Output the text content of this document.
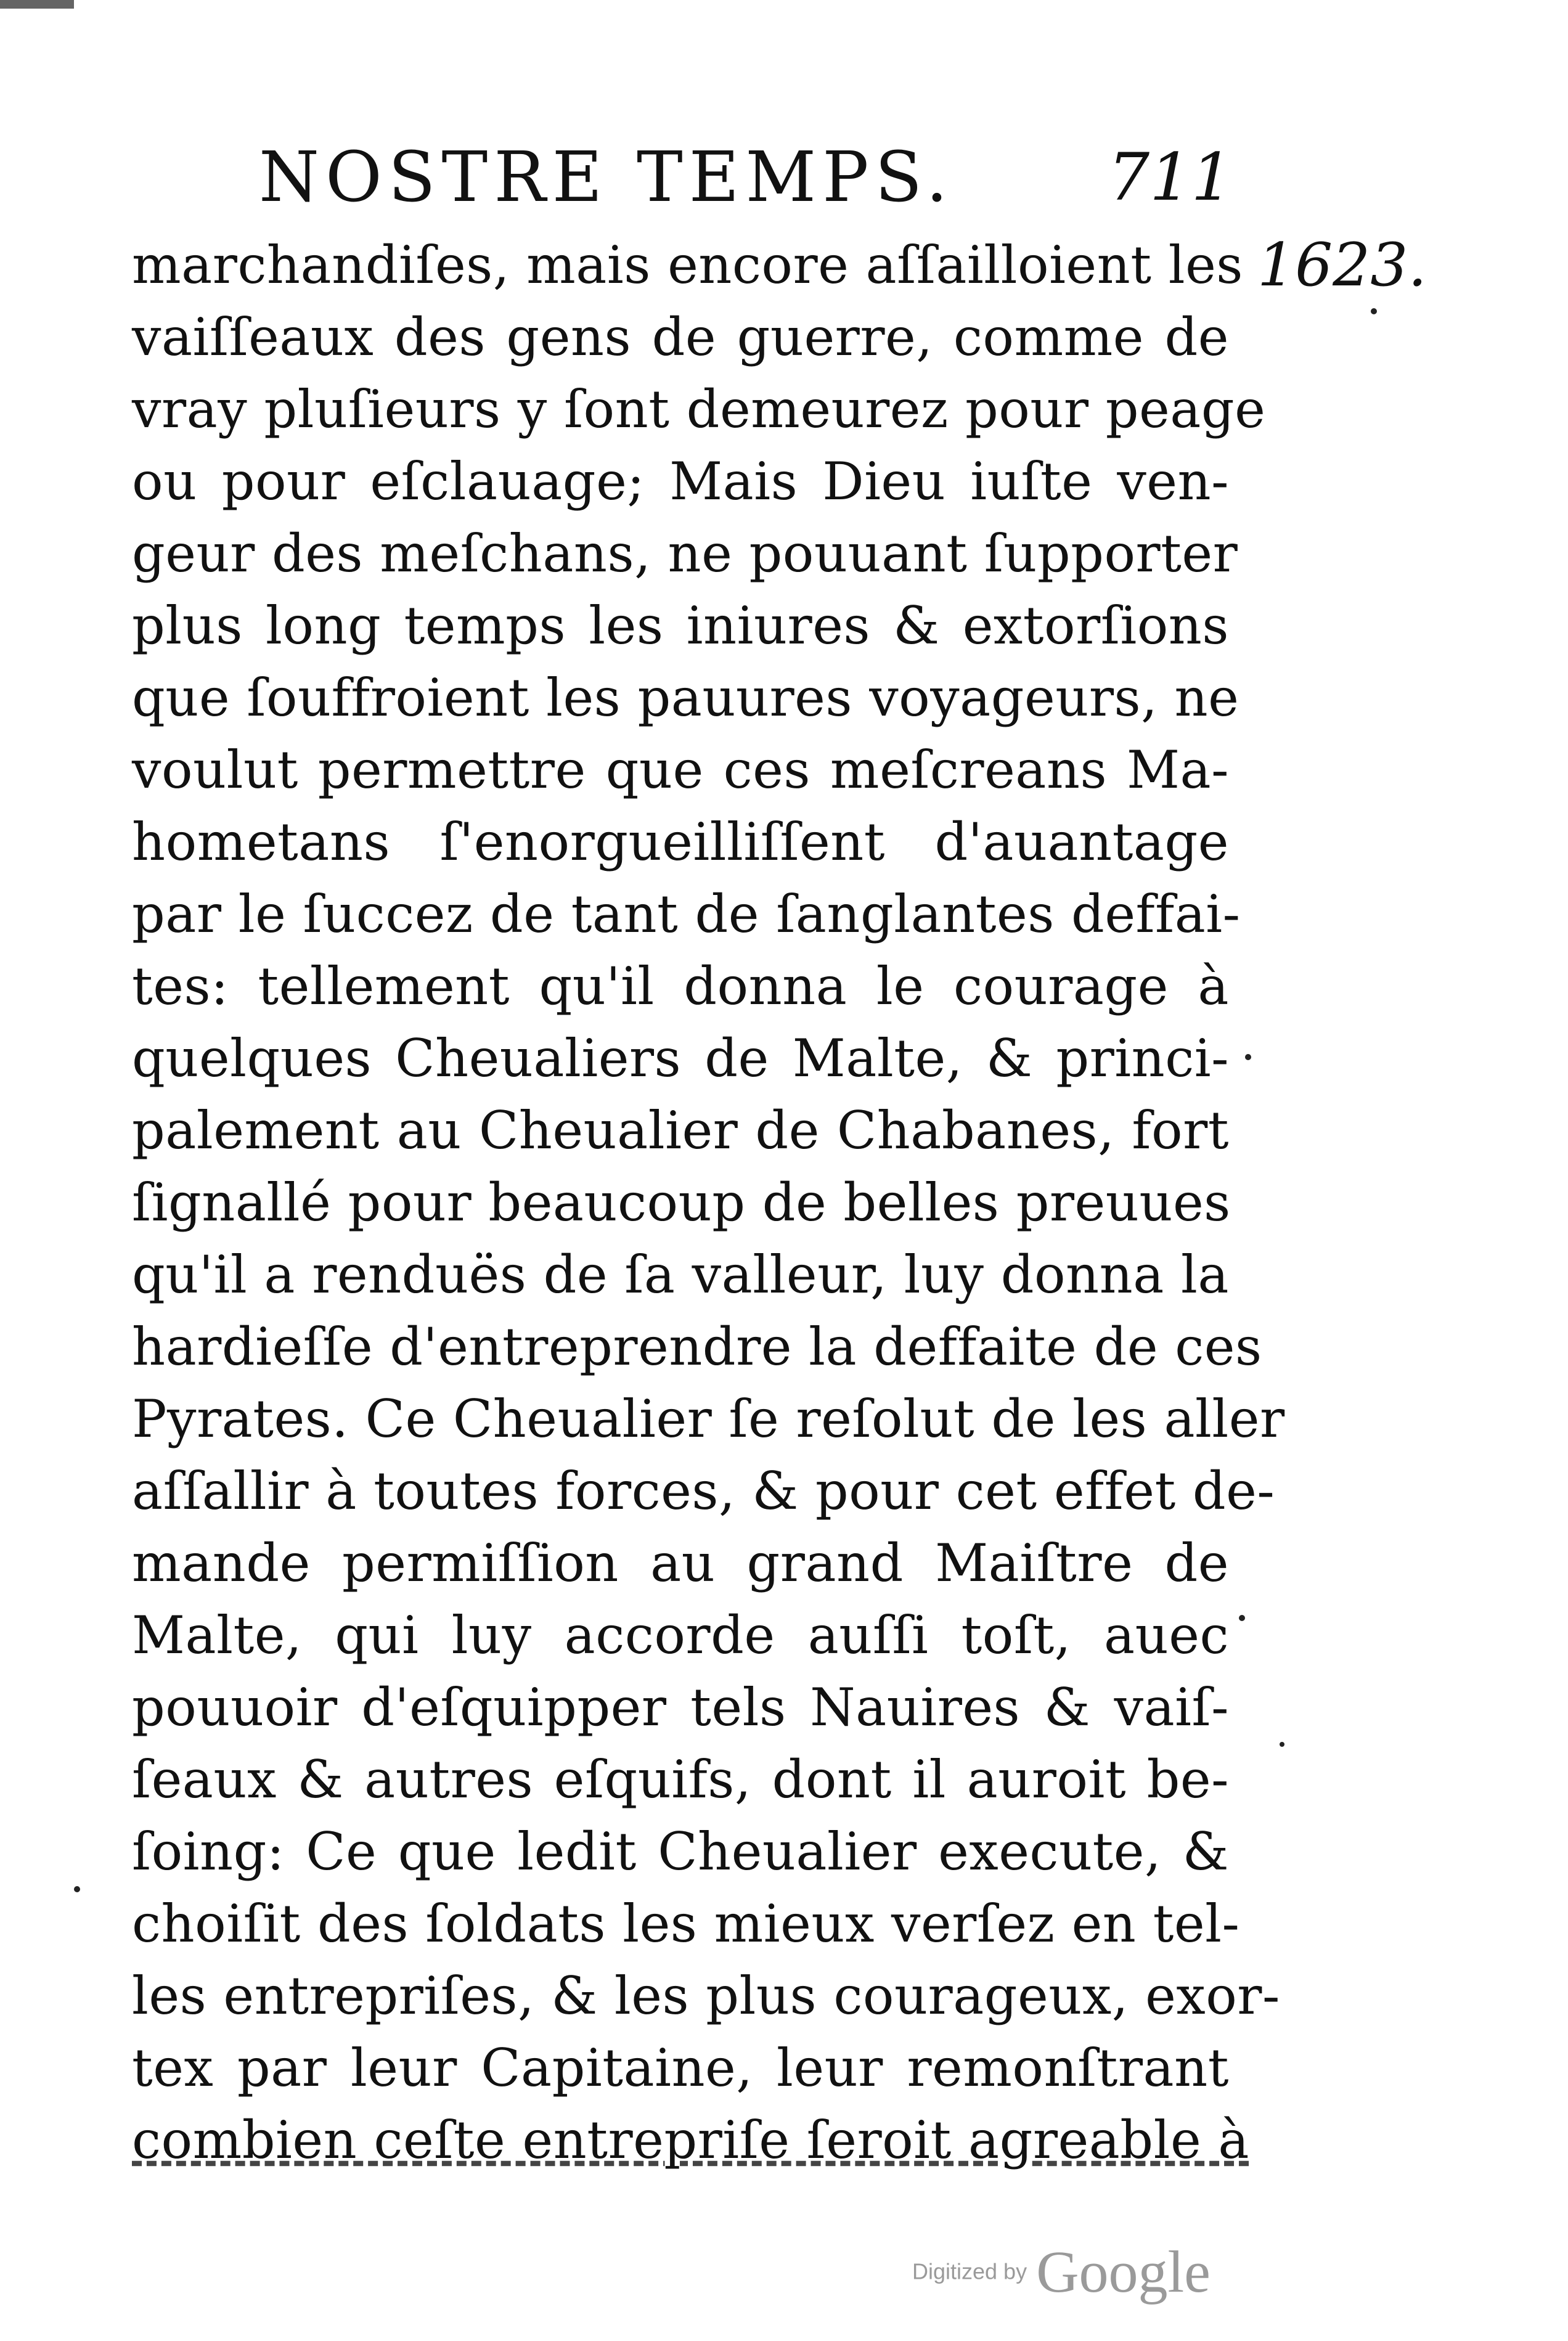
NOSTRE TEMPS. 711
1623.
marchandiſes, mais encore aſſailloient les
vaiſſeaux des gens de guerre, comme de
vray pluſieurs y ſont demeurez pour peage
ou pour eſclauage; Mais Dieu iuſte ven-
geur des meſchans, ne pouuant ſupporter
plus long temps les iniures & extorſions
que ſouffroient les pauures voyageurs, ne
voulut permettre que ces meſcreans Ma-
hometans ſ'enorgueilliſſent d'auantage
par le ſuccez de tant de ſanglantes deffai-
tes: tellement qu'il donna le courage à
quelques Cheualiers de Malte, & princi-
palement au Cheualier de Chabanes, fort
ſignallé pour beaucoup de belles preuues
qu'il a renduës de ſa valleur, luy donna la
hardieſſe d'entreprendre la deffaite de ces
Pyrates. Ce Cheualier ſe reſolut de les aller
aſſallir à toutes forces, & pour cet effet de-
mande permiſſion au grand Maiſtre de
Malte, qui luy accorde auſſi toſt, auec
pouuoir d'eſquipper tels Nauires & vaiſ-
ſeaux & autres eſquifs, dont il auroit be-
ſoing: Ce que ledit Cheualier execute, &
choiſit des ſoldats les mieux verſez en tel-
les entrepriſes, & les plus courageux, exor-
tex par leur Capitaine, leur remonſtrant
combien ceſte entrepriſe ſeroit agreable à
Digitized by Google
